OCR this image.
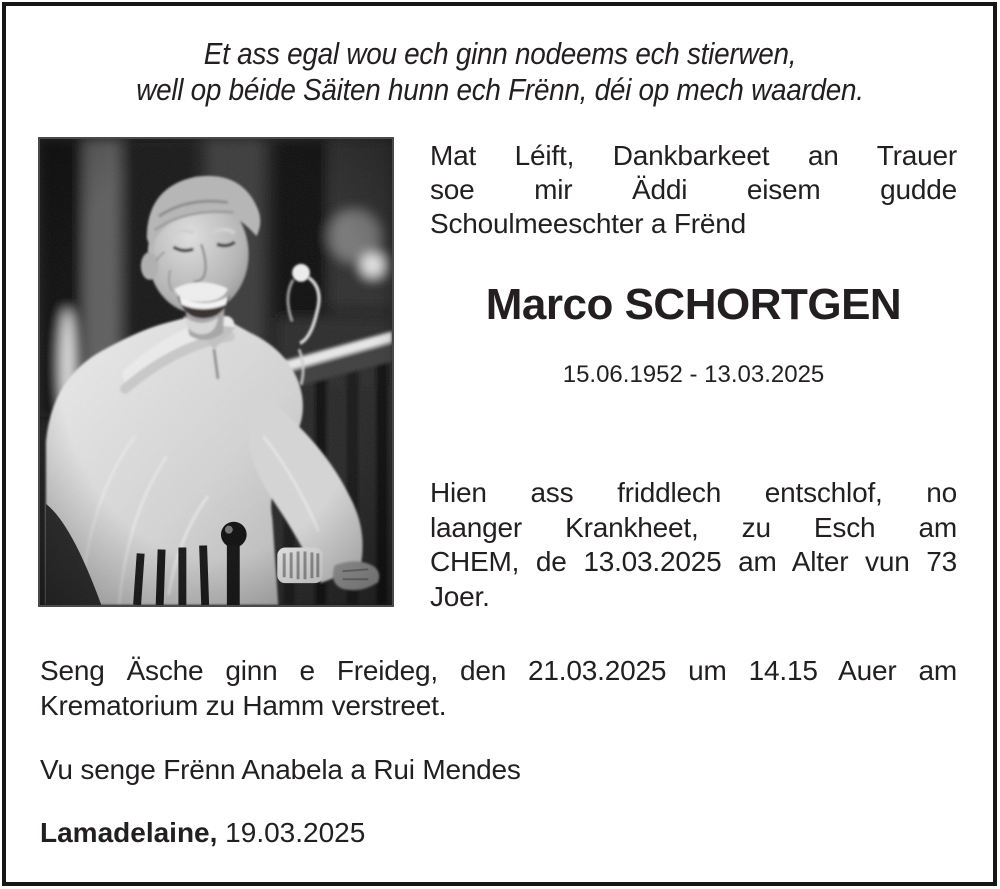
Et ass egal wou ech ginn nodeems ech stierwen,
well op béide Säiten hunn ech Frënn, déi op mech waarden.
Mat Léift, Dankbarkeet an Trauer
soe mir Äddi eisem gudde
Schoulmeeschter a Frënd
Marco SCHORTGEN
15.06.1952 - 13.03.2025
Hien ass friddlech entschlof, no
laanger Krankheet, zu Esch am
CHEM, de 13.03.2025 am Alter vun 73
Joer.
Seng Äsche ginn e Freideg, den 21.03.2025 um 14.15 Auer am
Krematorium zu Hamm verstreet.
Vu senge Frënn Anabela a Rui Mendes
Lamadelaine, 19.03.2025
